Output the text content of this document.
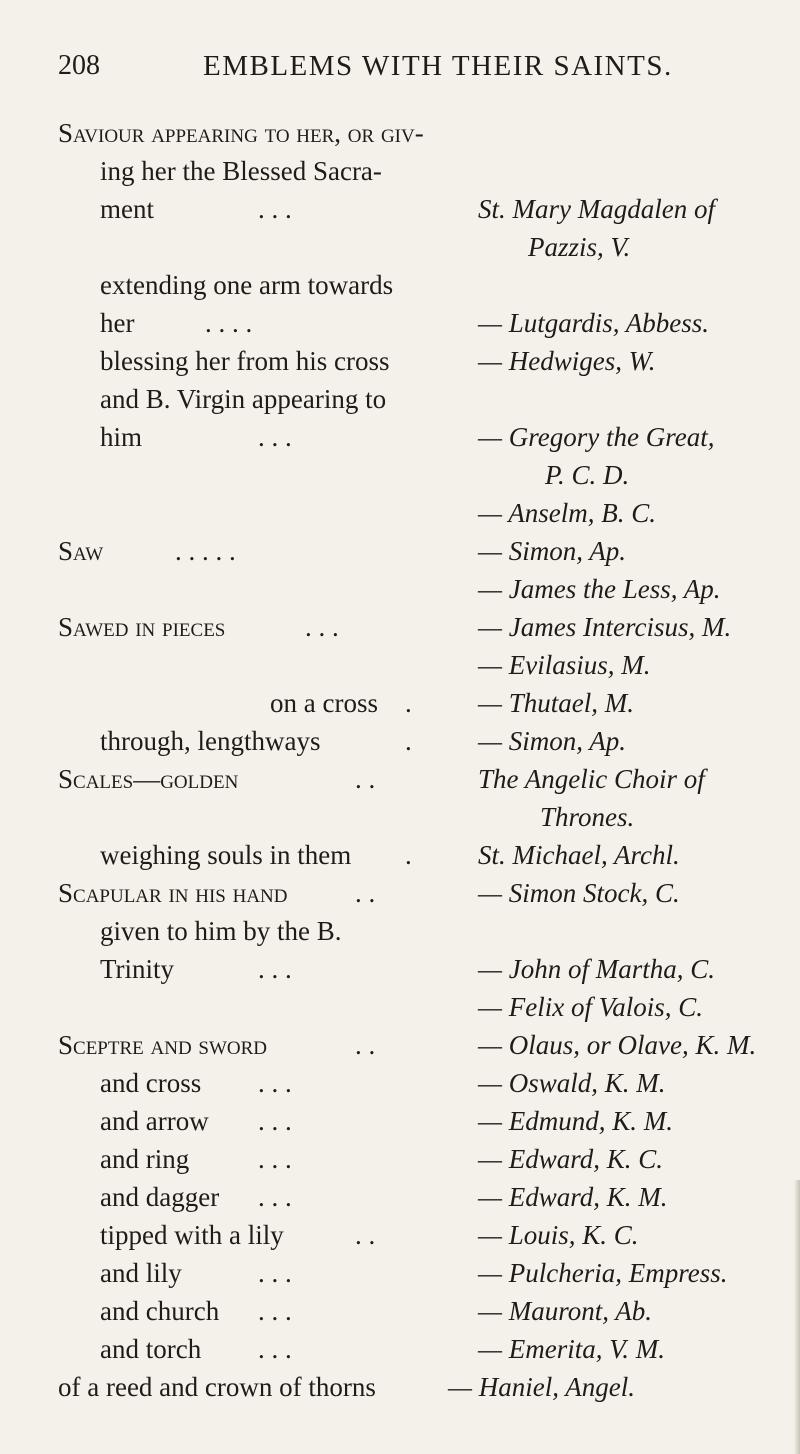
208	EMBLEMS WITH THEIR SAINTS.
Saviour appearing to her, or giv-
ing her the Blessed Sacra-
ment	. . .	St. Mary Magdalen of
Pazzis, V.
extending one arm towards
her	. . . .	— Lutgardis, Abbess.
blessing her from his cross	— Hedwiges, W.
and B. Virgin appearing to
him	. . .	— Gregory the Great,
P. C. D.
— Anselm, B. C.
Saw	. . . . .	— Simon, Ap.
— James the Less, Ap.
Sawed in pieces	. . .	— James Intercisus, M.
— Evilasius, M.
on a cross . — Thutael, M.
through, lengthways	. — Simon, Ap.
Scales—golden	. .	The Angelic Choir of
Thrones.
weighing souls in them . St. Michael, Archl.
Scapular in his hand	. .	— Simon Stock, C.
given to him by the B.
Trinity	. . .	— John of Martha, C.
— Felix of Valois, C.
Sceptre and sword	. .	— Olaus, or Olave, K. M.
and cross . . .	— Oswald, K. M.
and arrow . . .	— Edmund, K. M.
and ring	. . .	— Edward, K. C.
and dagger . . .	— Edward, K. M.
tipped with a lily	. .	— Louis, K. C.
and lily	. . .	— Pulcheria, Empress.
and church . . .	— Mauront, Ab.
and torch . . .	— Emerita, V. M.
of a reed and crown of thorns	— Haniel, Angel.
